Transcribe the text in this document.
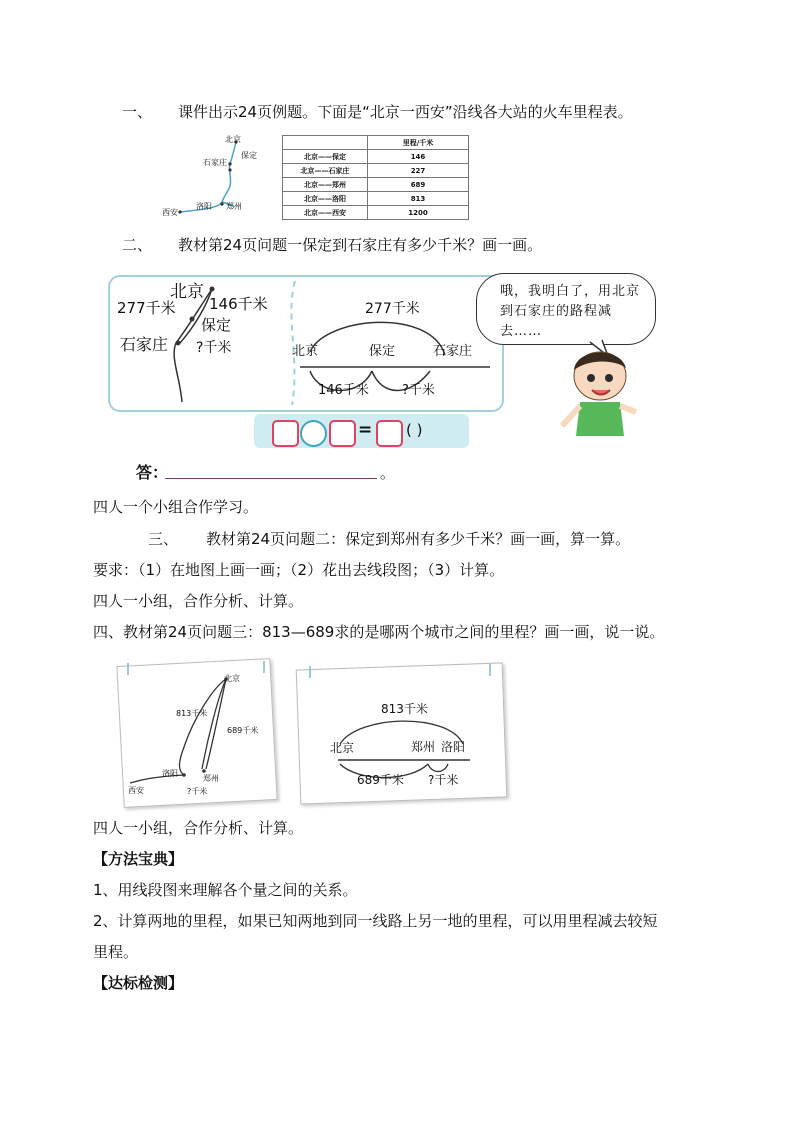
一、 课件出示24页例题。下面是“北京一西安”沿线各大站的火车里程表。
北京
保定
石家庄
洛阳 郑州
西安
	里程/千米
北京——保定	146
北京——石家庄	227
北京——郑州	689
北京——洛阳	813
北京——西安	1200
二、 教材第24页问题一保定到石家庄有多少千米？画一画。
北京
277千米 146千米
保定
石家庄 ?千米
277千米
北京	保定	石家庄
146千米	?千米
哦，我明白了，用北京到石家庄的路程减去……
= ( )
答：	。
四人一个小组合作学习。
三、 教材第24页问题二：保定到郑州有多少千米？画一画，算一算。
要求：（1）在地图上画一画；（2）花出去线段图；（3）计算。
四人一小组，合作分析、计算。
四、教材第24页问题三：813—689求的是哪两个城市之间的里程？画一画，说一说。
北京
813千米
689千米
洛阳
郑州
西安	?千米
813千米
北京	郑州 洛阳
689千米 ?千米
四人一小组，合作分析、计算。
【方法宝典】
1、用线段图来理解各个量之间的关系。
2、计算两地的里程，如果已知两地到同一线路上另一地的里程，可以用里程减去较短
里程。
【达标检测】
